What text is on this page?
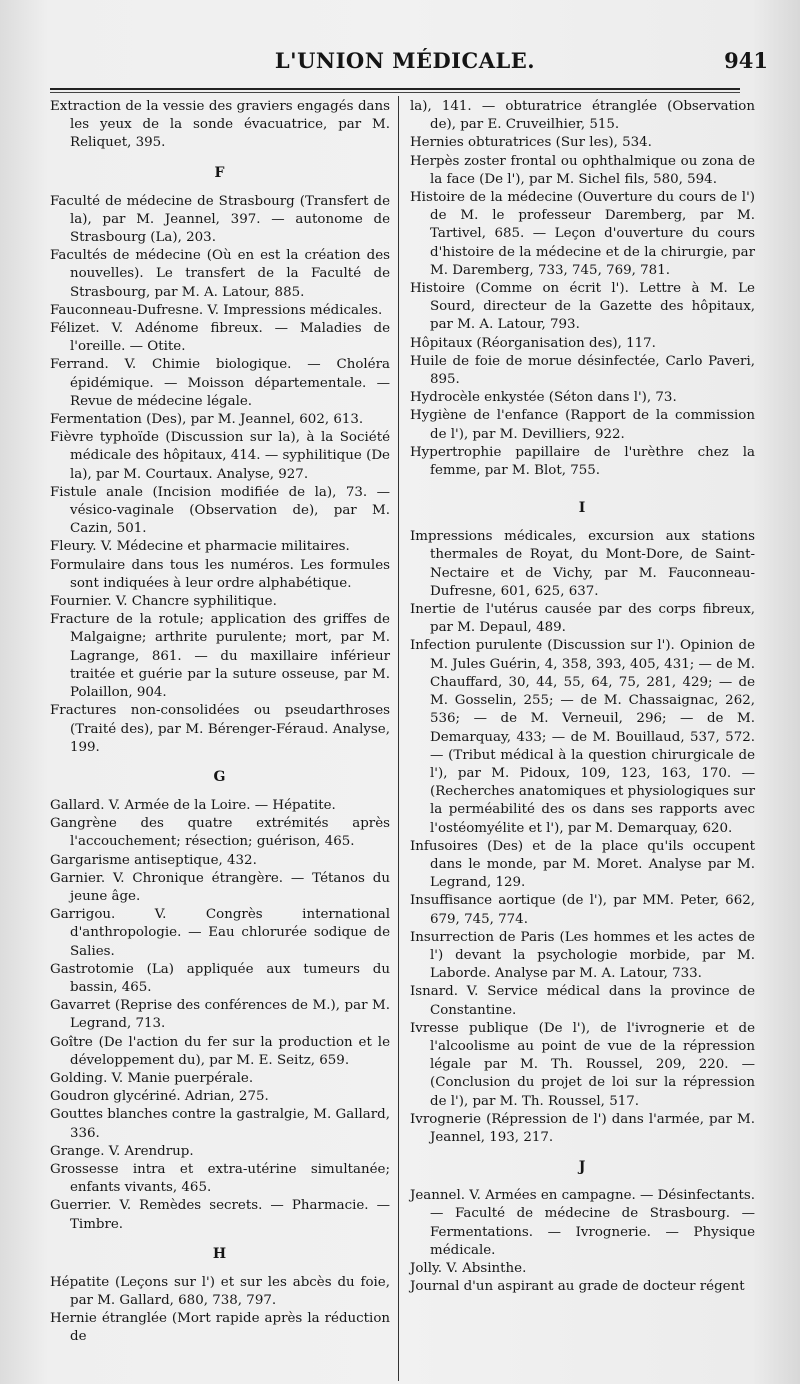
L'UNION MÉDICALE.	941

Extraction de la vessie des graviers engagés dans les yeux de la sonde évacuatrice, par M. Reliquet, 395.

F

Faculté de médecine de Strasbourg (Transfert de la), par M. Jeannel, 397. — autonome de Strasbourg (La), 203.

Facultés de médecine (Où en est la création des nouvelles). Le transfert de la Faculté de Strasbourg, par M. A. Latour, 885.

Fauconneau-Dufresne. V. Impressions médicales.

Félizet. V. Adénome fibreux. — Maladies de l'oreille. — Otite.

Ferrand. V. Chimie biologique. — Choléra épidémique. — Moisson départementale. — Revue de médecine légale.

Fermentation (Des), par M. Jeannel, 602, 613.

Fièvre typhoïde (Discussion sur la), à la Société médicale des hôpitaux, 414. — syphilitique (De la), par M. Courtaux. Analyse, 927.

Fistule anale (Incision modifiée de la), 73. — vésico-vaginale (Observation de), par M. Cazin, 501.

Fleury. V. Médecine et pharmacie militaires.

Formulaire dans tous les numéros. Les formules sont indiquées à leur ordre alphabétique.

Fournier. V. Chancre syphilitique.

Fracture de la rotule; application des griffes de Malgaigne; arthrite purulente; mort, par M. Lagrange, 861. — du maxillaire inférieur traitée et guérie par la suture osseuse, par M. Polaillon, 904.

Fractures non-consolidées ou pseudarthroses (Traité des), par M. Bérenger-Féraud. Analyse, 199.

G

Gallard. V. Armée de la Loire. — Hépatite.

Gangrène des quatre extrémités après l'accouchement; résection; guérison, 465.

Gargarisme antiseptique, 432.

Garnier. V. Chronique étrangère. — Tétanos du jeune âge.

Garrigou. V. Congrès international d'anthropologie. — Eau chlorurée sodique de Salies.

Gastrotomie (La) appliquée aux tumeurs du bassin, 465.

Gavarret (Reprise des conférences de M.), par M. Legrand, 713.

Goître (De l'action du fer sur la production et le développement du), par M. E. Seitz, 659.

Golding. V. Manie puerpérale.

Goudron glycériné. Adrian, 275.

Gouttes blanches contre la gastralgie, M. Gallard, 336.

Grange. V. Arendrup.

Grossesse intra et extra-utérine simultanée; enfants vivants, 465.

Guerrier. V. Remèdes secrets. — Pharmacie. — Timbre.

H

Hépatite (Leçons sur l') et sur les abcès du foie, par M. Gallard, 680, 738, 797.

Hernie étranglée (Mort rapide après la réduction de

la), 141. — obturatrice étranglée (Observation de), par E. Cruveilhier, 515.

Hernies obturatrices (Sur les), 534.

Herpès zoster frontal ou ophthalmique ou zona de la face (De l'), par M. Sichel fils, 580, 594.

Histoire de la médecine (Ouverture du cours de l') de M. le professeur Daremberg, par M. Tartivel, 685. — Leçon d'ouverture du cours d'histoire de la médecine et de la chirurgie, par M. Daremberg, 733, 745, 769, 781.

Histoire (Comme on écrit l'). Lettre à M. Le Sourd, directeur de la Gazette des hôpitaux, par M. A. Latour, 793.

Hôpitaux (Réorganisation des), 117.

Huile de foie de morue désinfectée, Carlo Paveri, 895.

Hydrocèle enkystée (Séton dans l'), 73.

Hygiène de l'enfance (Rapport de la commission de l'), par M. Devilliers, 922.

Hypertrophie papillaire de l'urèthre chez la femme, par M. Blot, 755.

I

Impressions médicales, excursion aux stations thermales de Royat, du Mont-Dore, de Saint-Nectaire et de Vichy, par M. Fauconneau-Dufresne, 601, 625, 637.

Inertie de l'utérus causée par des corps fibreux, par M. Depaul, 489.

Infection purulente (Discussion sur l'). Opinion de M. Jules Guérin, 4, 358, 393, 405, 431; — de M. Chauffard, 30, 44, 55, 64, 75, 281, 429; — de M. Gosselin, 255; — de M. Chassaignac, 262, 536; — de M. Verneuil, 296; — de M. Demarquay, 433; — de M. Bouillaud, 537, 572. — (Tribut médical à la question chirurgicale de l'), par M. Pidoux, 109, 123, 163, 170. — (Recherches anatomiques et physiologiques sur la perméabilité des os dans ses rapports avec l'ostéomyélite et l'), par M. Demarquay, 620.

Infusoires (Des) et de la place qu'ils occupent dans le monde, par M. Moret. Analyse par M. Legrand, 129.

Insuffisance aortique (de l'), par MM. Peter, 662, 679, 745, 774.

Insurrection de Paris (Les hommes et les actes de l') devant la psychologie morbide, par M. Laborde. Analyse par M. A. Latour, 733.

Isnard. V. Service médical dans la province de Constantine.

Ivresse publique (De l'), de l'ivrognerie et de l'alcoolisme au point de vue de la répression légale par M. Th. Roussel, 209, 220. — (Conclusion du projet de loi sur la répression de l'), par M. Th. Roussel, 517.

Ivrognerie (Répression de l') dans l'armée, par M. Jeannel, 193, 217.

J

Jeannel. V. Armées en campagne. — Désinfectants. — Faculté de médecine de Strasbourg. — Fermentations. — Ivrognerie. — Physique médicale.

Jolly. V. Absinthe.

Journal d'un aspirant au grade de docteur régent
